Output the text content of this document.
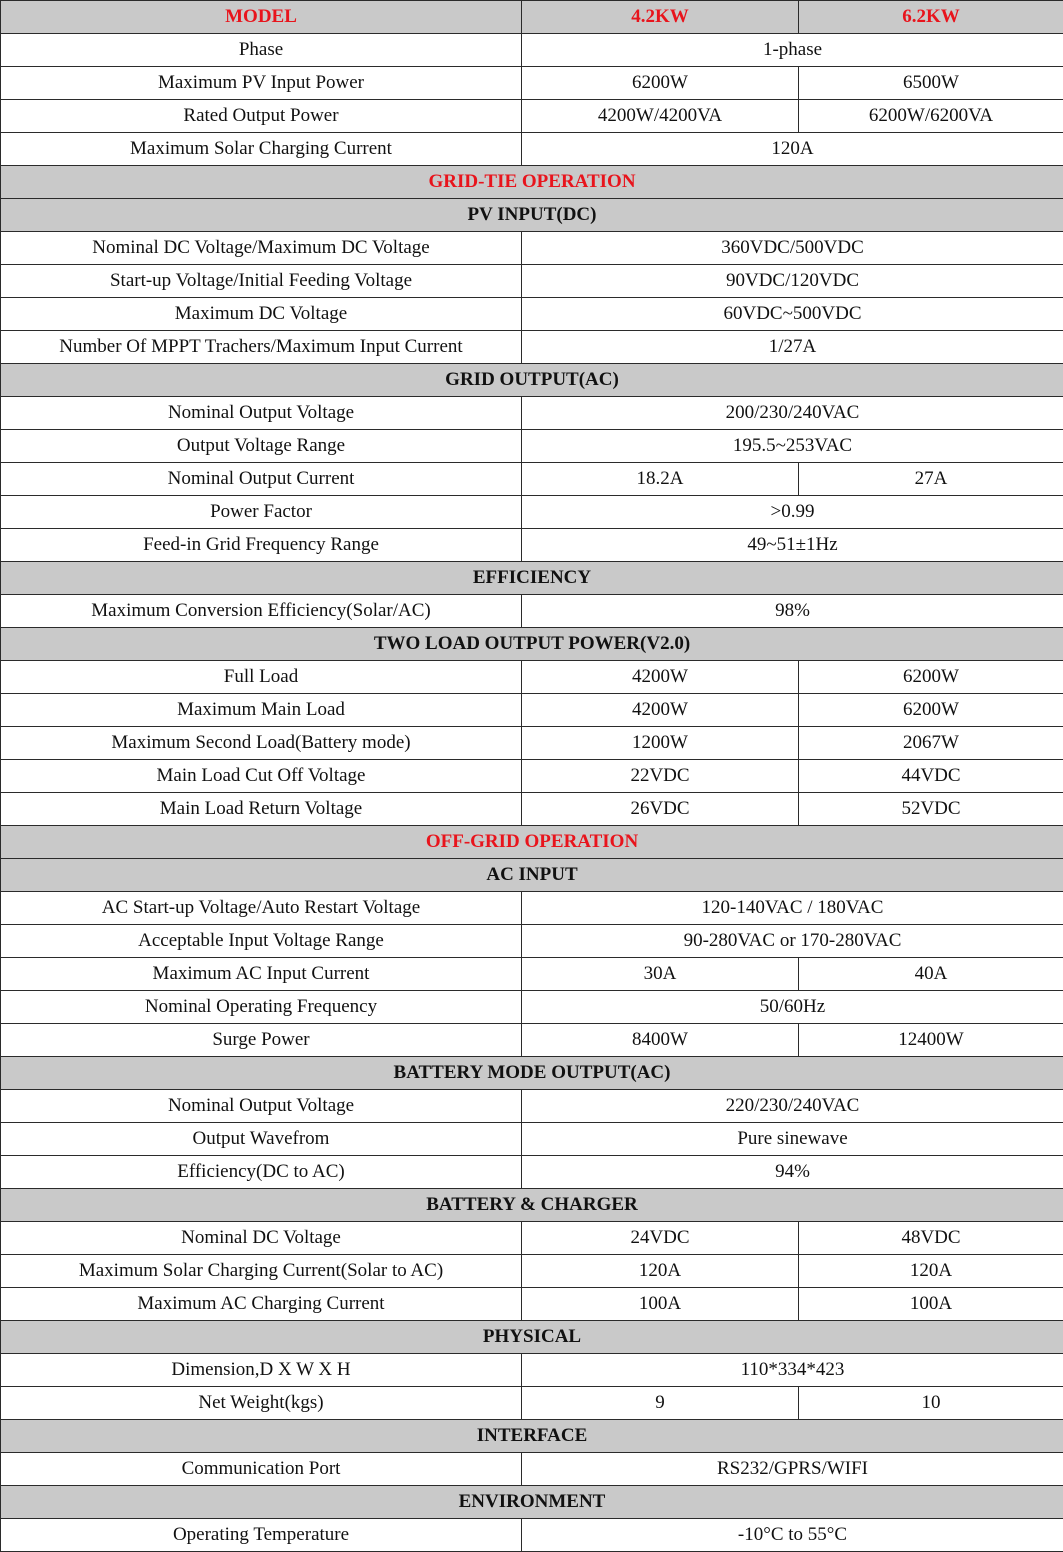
MODEL	4.2KW	6.2KW
Phase	1-phase	
Maximum PV Input Power	6200W	6500W
Rated Output Power	4200W/4200VA	6200W/6200VA
Maximum Solar Charging Current	120A	
GRID-TIE OPERATION		
PV INPUT(DC)		
Nominal DC Voltage/Maximum DC Voltage	360VDC/500VDC	
Start-up Voltage/Initial Feeding Voltage	90VDC/120VDC	
Maximum DC Voltage	60VDC~500VDC	
Number Of MPPT Trachers/Maximum Input Current	1/27A	
GRID OUTPUT(AC)		
Nominal Output Voltage	200/230/240VAC	
Output Voltage Range	195.5~253VAC	
Nominal Output Current	18.2A	27A
Power Factor	>0.99	
Feed-in Grid Frequency Range	49~51±1Hz	
EFFICIENCY		
Maximum Conversion Efficiency(Solar/AC)	98%	
TWO LOAD OUTPUT POWER(V2.0)		
Full Load	4200W	6200W
Maximum Main Load	4200W	6200W
Maximum Second Load(Battery mode)	1200W	2067W
Main Load Cut Off Voltage	22VDC	44VDC
Main Load Return Voltage	26VDC	52VDC
OFF-GRID OPERATION		
AC INPUT		
AC Start-up Voltage/Auto Restart Voltage	120-140VAC / 180VAC	
Acceptable Input Voltage Range	90-280VAC or 170-280VAC	
Maximum AC Input Current	30A	40A
Nominal Operating Frequency	50/60Hz	
Surge Power	8400W	12400W
BATTERY MODE OUTPUT(AC)		
Nominal Output Voltage	220/230/240VAC	
Output Wavefrom	Pure sinewave	
Efficiency(DC to AC)	94%	
BATTERY & CHARGER		
Nominal DC Voltage	24VDC	48VDC
Maximum Solar Charging Current(Solar to AC)	120A	120A
Maximum AC Charging Current	100A	100A
PHYSICAL		
Dimension,D X W X H	110*334*423	
Net Weight(kgs)	9	10
INTERFACE		
Communication Port	RS232/GPRS/WIFI	
ENVIRONMENT		
Operating Temperature	-10°C to 55°C	
